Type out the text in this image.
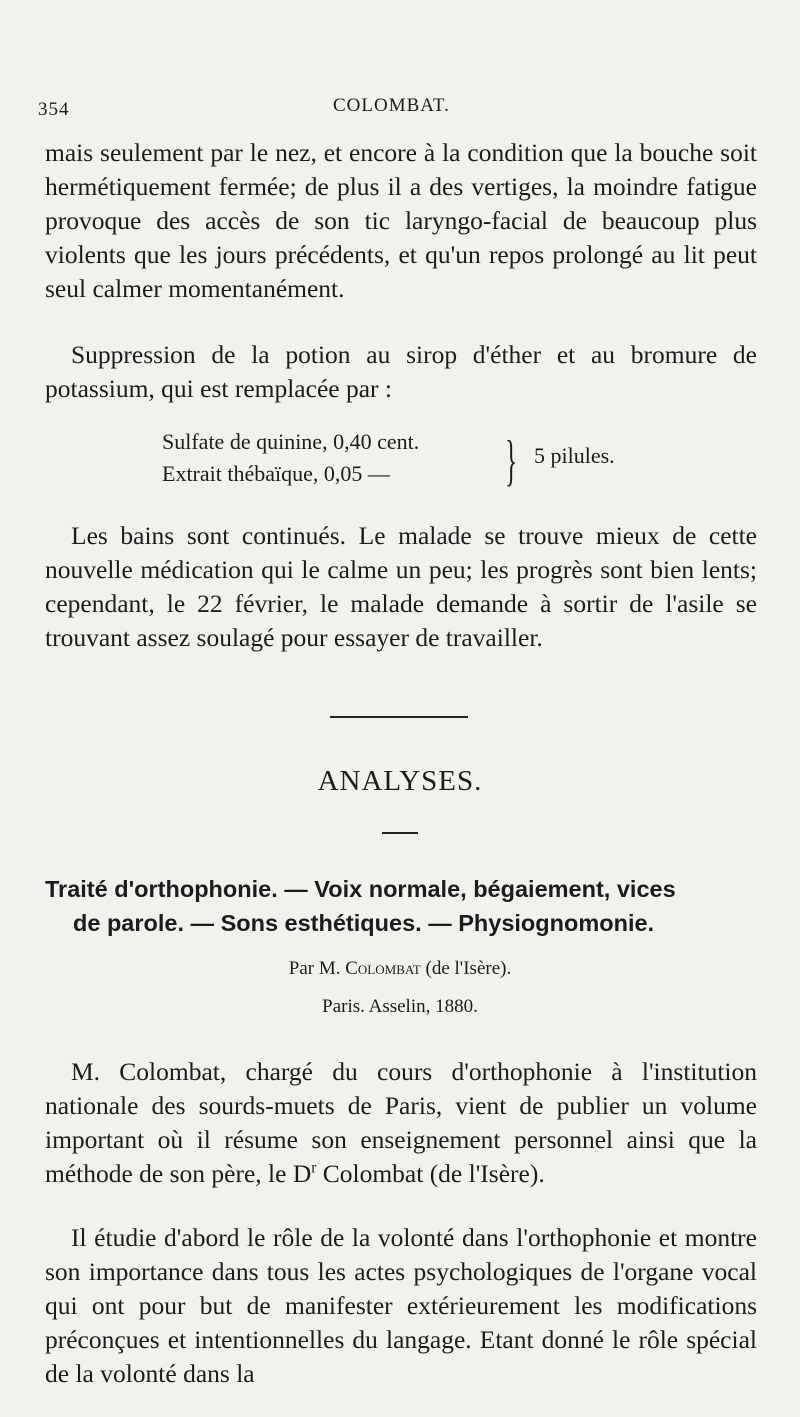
354	COLOMBAT.

mais seulement par le nez, et encore à la condition que la bouche soit hermétiquement fermée; de plus il a des vertiges, la moindre fatigue provoque des accès de son tic laryngo-facial de beaucoup plus violents que les jours précédents, et qu'un repos prolongé au lit peut seul calmer momentanément.

Suppression de la potion au sirop d'éther et au bromure de potassium, qui est remplacée par :

Sulfate de quinine, 0,40 cent.
Extrait thébaïque, 0,05 — } 5 pilules.

Les bains sont continués. Le malade se trouve mieux de cette nouvelle médication qui le calme un peu; les progrès sont bien lents; cependant, le 22 février, le malade demande à sortir de l'asile se trouvant assez soulagé pour essayer de travailler.

ANALYSES.
Traité d'orthophonie. — Voix normale, bégaiement, vices
de parole. — Sons esthétiques. — Physiognomonie.
Par M. Colombat (de l'Isère).
Paris. Asselin, 1880.

M. Colombat, chargé du cours d'orthophonie à l'institution nationale des sourds-muets de Paris, vient de publier un volume important où il résume son enseignement personnel ainsi que la méthode de son père, le $D^r$ Colombat (de l'Isère).

Il étudie d'abord le rôle de la volonté dans l'orthophonie et montre son importance dans tous les actes psychologiques de l'organe vocal qui ont pour but de manifester extérieurement les modifications préconçues et intentionnelles du langage. Etant donné le rôle spécial de la volonté dans la
